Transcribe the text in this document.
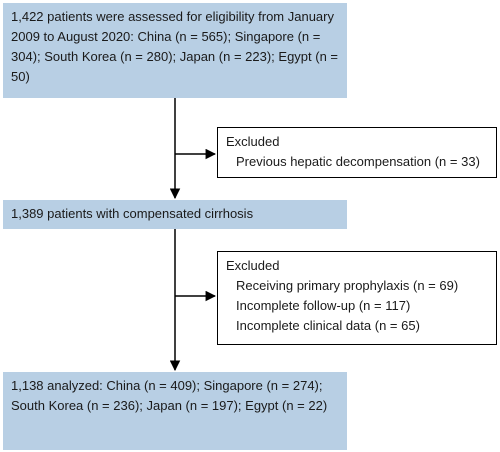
1,422 patients were assessed for eligibility from January 2009 to August 2020: China (n = 565); Singapore (n = 304); South Korea (n = 280); Japan (n = 223); Egypt (n = 50)
Excluded
Previous hepatic decompensation (n = 33)
1,389 patients with compensated cirrhosis
Excluded
Receiving primary prophylaxis (n = 69)
Incomplete follow-up (n = 117)
Incomplete clinical data (n = 65)
1,138 analyzed: China (n = 409); Singapore (n = 274); South Korea (n = 236); Japan (n = 197); Egypt (n = 22)
